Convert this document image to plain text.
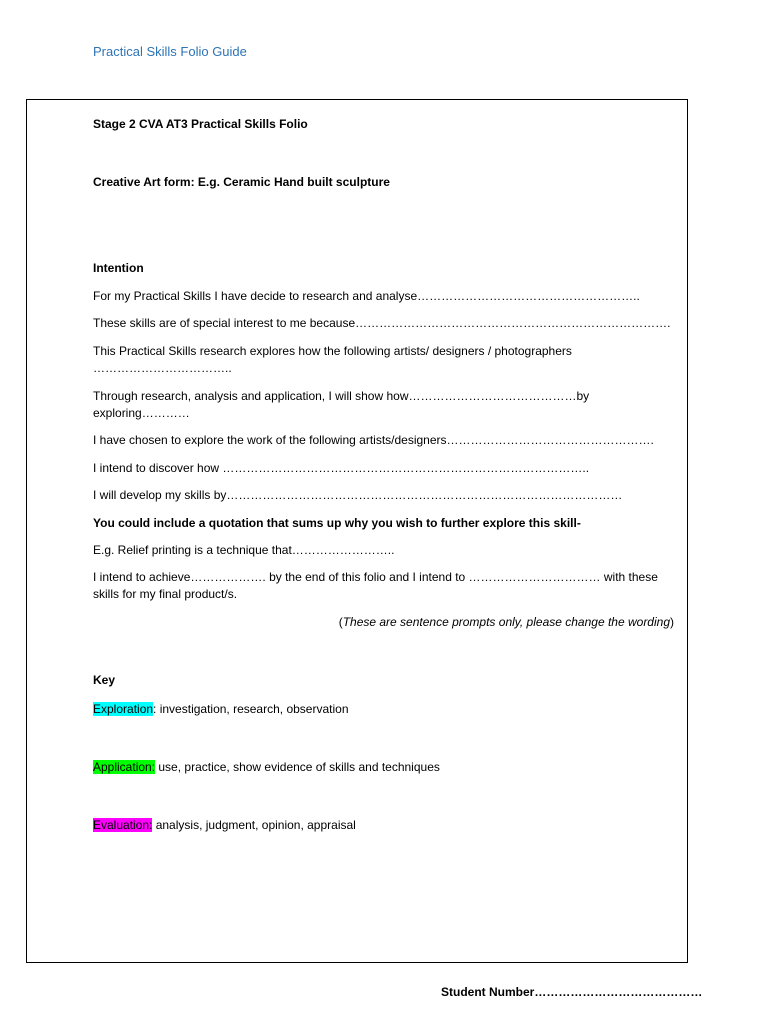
Practical Skills Folio Guide

Stage 2 CVA AT3 Practical Skills Folio

Creative Art form: E.g. Ceramic Hand built sculpture

Intention

For my Practical Skills I have decide to research and analyse………………………………………………..

These skills are of special interest to me because…………………………………………………………………….

This Practical Skills research explores how the following artists/ designers / photographers ……………………………..

Through research, analysis and application, I will show how……………………………………by exploring…………

I have chosen to explore the work of the following artists/designers…………………………………………….

I intend to discover how ………………………………………………………………………………..

I will develop my skills by………………………………………………………………………………………

You could include a quotation that sums up why you wish to further explore this skill-

E.g. Relief printing is a technique that……………………..

I intend to achieve………………. by the end of this folio and I intend to …………………………… with these skills for my final product/s.

(These are sentence prompts only, please change the wording)

Key

Exploration: investigation, research, observation

Application: use, practice, show evidence of skills and techniques

Evaluation: analysis, judgment, opinion, appraisal

Student Number……………………………………
